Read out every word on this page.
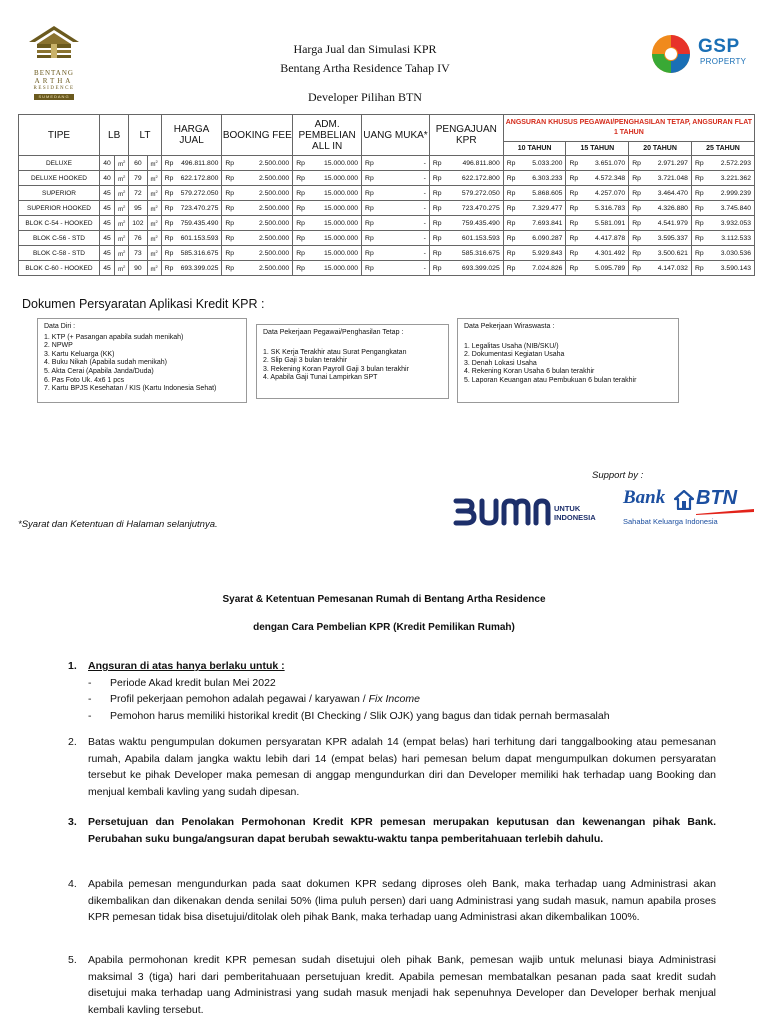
BENTANG
ARTHA
RESIDENCE
SUMEDANG
Harga Jual dan Simulasi KPR
Bentang Artha Residence Tahap IV
Developer Pilihan BTN
GSP
PROPERTY
TIPE	LB		LT		HARGA JUAL		BOOKING FEE		ADM. PEMBELIAN ALL IN		UANG MUKA*		PENGAJUAN KPR		ANGSURAN KHUSUS PEGAWAI/PENGHASILAN TETAP, ANGSURAN FLAT 1 TAHUN							
															10 TAHUN		15 TAHUN		20 TAHUN		25 TAHUN	
DELUXE	40	$m^2$	60	$m^2$	Rp	496.811.800	Rp	2.500.000	Rp	15.000.000	Rp	-	Rp	496.811.800	Rp	5.033.200	Rp	3.651.070	Rp	2.971.297	Rp	2.572.293
DELUXE HOOKED	40	$m^2$	79	$m^2$	Rp	622.172.800	Rp	2.500.000	Rp	15.000.000	Rp	-	Rp	622.172.800	Rp	6.303.233	Rp	4.572.348	Rp	3.721.048	Rp	3.221.362
SUPERIOR	45	$m^2$	72	$m^2$	Rp	579.272.050	Rp	2.500.000	Rp	15.000.000	Rp	-	Rp	579.272.050	Rp	5.868.605	Rp	4.257.070	Rp	3.464.470	Rp	2.999.239
SUPERIOR HOOKED	45	$m^2$	95	$m^2$	Rp	723.470.275	Rp	2.500.000	Rp	15.000.000	Rp	-	Rp	723.470.275	Rp	7.329.477	Rp	5.316.783	Rp	4.326.880	Rp	3.745.840
BLOK C-54 - HOOKED	45	$m^2$	102	$m^2$	Rp	759.435.490	Rp	2.500.000	Rp	15.000.000	Rp	-	Rp	759.435.490	Rp	7.693.841	Rp	5.581.091	Rp	4.541.979	Rp	3.932.053
BLOK C-56 - STD	45	$m^2$	76	$m^2$	Rp	601.153.593	Rp	2.500.000	Rp	15.000.000	Rp	-	Rp	601.153.593	Rp	6.090.287	Rp	4.417.878	Rp	3.595.337	Rp	3.112.533
BLOK C-58 - STD	45	$m^2$	73	$m^2$	Rp	585.316.675	Rp	2.500.000	Rp	15.000.000	Rp	-	Rp	585.316.675	Rp	5.929.843	Rp	4.301.492	Rp	3.500.621	Rp	3.030.536
BLOK C-60 - HOOKED	45	$m^2$	90	$m^2$	Rp	693.399.025	Rp	2.500.000	Rp	15.000.000	Rp	-	Rp	693.399.025	Rp	7.024.826	Rp	5.095.789	Rp	4.147.032	Rp	3.590.143
Dokumen Persyaratan Aplikasi Kredit KPR :
Data Diri :
1. KTP (+ Pasangan apabila sudah menikah)
2. NPWP
3. Kartu Keluarga (KK)
4. Buku Nikah (Apabila sudah menikah)
5. Akta Cerai (Apabila Janda/Duda)
6. Pas Foto Uk. 4x6 1 pcs
7. Kartu BPJS Kesehatan / KIS (Kartu Indonesia Sehat)
Data Pekerjaan Pegawai/Penghasilan Tetap :
1. SK Kerja Terakhir atau Surat Pengangkatan
2. Slip Gaji 3 bulan terakhir
3. Rekening Koran Payroll Gaji 3 bulan terakhir
4. Apabila Gaji Tunai Lampirkan SPT
Data Pekerjaan Wiraswasta :
1. Legalitas Usaha (NIB/SKU/)
2. Dokumentasi Kegiatan Usaha
3. Denah Lokasi Usaha
4. Rekening Koran Usaha 6 bulan terakhir
5. Laporan Keuangan atau Pembukuan 6 bulan terakhir
Support by :
*Syarat dan Ketentuan di Halaman selanjutnya.
UNTUK
INDONESIA
Bank BTN
Sahabat Keluarga Indonesia
Syarat & Ketentuan Pemesanan Rumah di Bentang Artha Residence
dengan Cara Pembelian KPR (Kredit Pemilikan Rumah)
1. Angsuran di atas hanya berlaku untuk :
- Periode Akad kredit bulan Mei 2022
- Profil pekerjaan pemohon adalah pegawai / karyawan / Fix Income
- Pemohon harus memiliki historikal kredit (BI Checking / Slik OJK) yang bagus dan tidak pernah bermasalah
2. Batas waktu pengumpulan dokumen persyaratan KPR adalah 14 (empat belas) hari terhitung dari tanggalbooking atau pemesanan rumah, Apabila dalam jangka waktu lebih dari 14 (empat belas) hari pemesan belum dapat mengumpulkan dokumen persyaratan tersebut ke pihak Developer maka pemesan di anggap mengundurkan diri dan Developer memiliki hak terhadap uang Booking dan menjual kembali kavling yang sudah dipesan.
3. Persetujuan dan Penolakan Permohonan Kredit KPR pemesan merupakan keputusan dan kewenangan pihak Bank. Perubahan suku bunga/angsuran dapat berubah sewaktu-waktu tanpa pemberitahuaan terlebih dahulu.
4. Apabila pemesan mengundurkan pada saat dokumen KPR sedang diproses oleh Bank, maka terhadap uang Administrasi akan dikembalikan dan dikenakan denda senilai 50% (lima puluh persen) dari uang Administrasi yang sudah masuk, namun apabila proses KPR pemesan tidak bisa disetujui/ditolak oleh pihak Bank, maka terhadap uang Administrasi akan dikembalikan 100%.
5. Apabila permohonan kredit KPR pemesan sudah disetujui oleh pihak Bank, pemesan wajib untuk melunasi biaya Administrasi maksimal 3 (tiga) hari dari pemberitahuaan persetujuan kredit. Apabila pemesan membatalkan pesanan pada saat kredit sudah disetujui maka terhadap uang Administrasi yang sudah masuk menjadi hak sepenuhnya Developer dan Developer berhak menjual kembali kavling tersebut.
